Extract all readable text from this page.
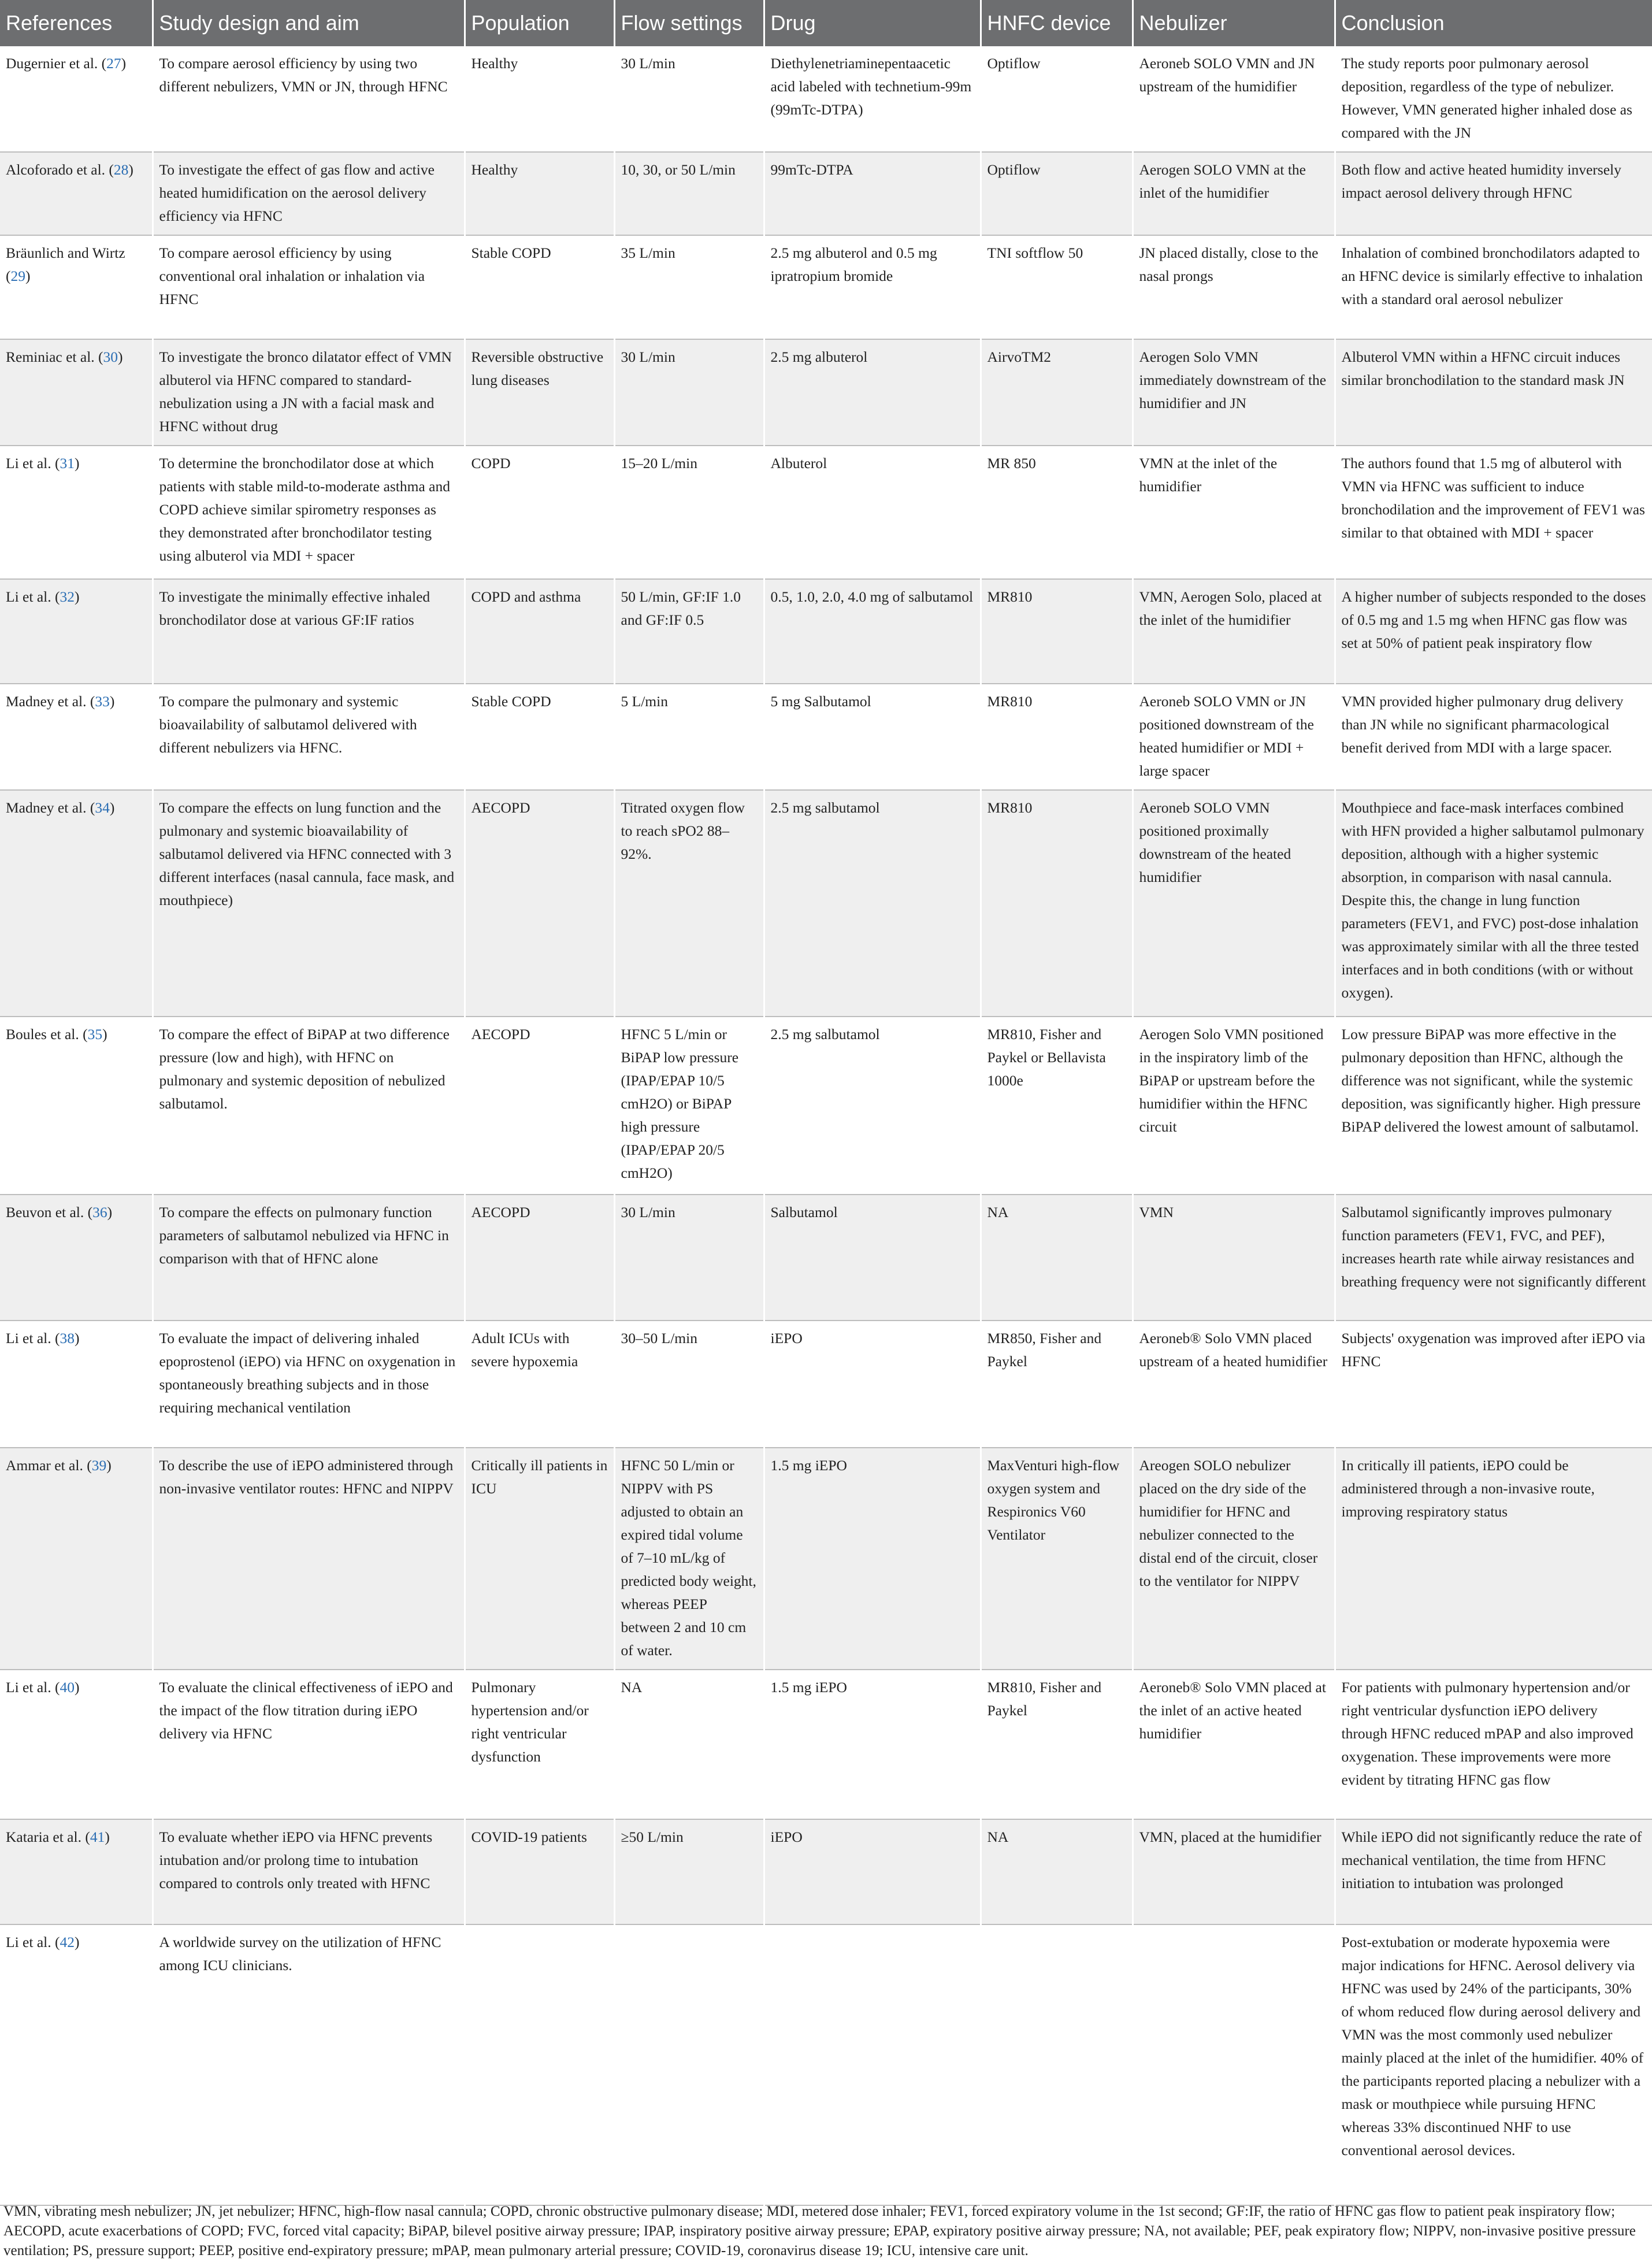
References	Study design and aim	Population	Flow settings	Drug	HNFC device	Nebulizer	Conclusion
Dugernier et al. (27)	To compare aerosol efficiency by using two different nebulizers, VMN or JN, through HFNC	Healthy	30 L/min	Diethylenetriaminepentaacetic acid labeled with technetium-99m (99mTc-DTPA)	Optiflow	Aeroneb SOLO VMN and JN upstream of the humidifier	The study reports poor pulmonary aerosol deposition, regardless of the type of nebulizer. However, VMN generated higher inhaled dose as compared with the JN
Alcoforado et al. (28)	To investigate the effect of gas flow and active heated humidification on the aerosol delivery efficiency via HFNC	Healthy	10, 30, or 50 L/min	99mTc-DTPA	Optiflow	Aerogen SOLO VMN at the inlet of the humidifier	Both flow and active heated humidity inversely impact aerosol delivery through HFNC
Bräunlich and Wirtz (29)	To compare aerosol efficiency by using conventional oral inhalation or inhalation via HFNC	Stable COPD	35 L/min	2.5 mg albuterol and 0.5 mg ipratropium bromide	TNI softflow 50	JN placed distally, close to the nasal prongs	Inhalation of combined bronchodilators adapted to an HFNC device is similarly effective to inhalation with a standard oral aerosol nebulizer
Reminiac et al. (30)	To investigate the bronco dilatator effect of VMN albuterol via HFNC compared to standard-nebulization using a JN with a facial mask and HFNC without drug	Reversible obstructive lung diseases	30 L/min	2.5 mg albuterol	AirvoTM2	Aerogen Solo VMN immediately downstream of the humidifier and JN	Albuterol VMN within a HFNC circuit induces similar bronchodilation to the standard mask JN
Li et al. (31)	To determine the bronchodilator dose at which patients with stable mild-to-moderate asthma and COPD achieve similar spirometry responses as they demonstrated after bronchodilator testing using albuterol via MDI + spacer	COPD	15–20 L/min	Albuterol	MR 850	VMN at the inlet of the humidifier	The authors found that 1.5 mg of albuterol with VMN via HFNC was sufficient to induce bronchodilation and the improvement of FEV1 was similar to that obtained with MDI + spacer
Li et al. (32)	To investigate the minimally effective inhaled bronchodilator dose at various GF:IF ratios	COPD and asthma	50 L/min, GF:IF 1.0 and GF:IF 0.5	0.5, 1.0, 2.0, 4.0 mg of salbutamol	MR810	VMN, Aerogen Solo, placed at the inlet of the humidifier	A higher number of subjects responded to the doses of 0.5 mg and 1.5 mg when HFNC gas flow was set at 50% of patient peak inspiratory flow
Madney et al. (33)	To compare the pulmonary and systemic bioavailability of salbutamol delivered with different nebulizers via HFNC.	Stable COPD	5 L/min	5 mg Salbutamol	MR810	Aeroneb SOLO VMN or JN positioned downstream of the heated humidifier or MDI + large spacer	VMN provided higher pulmonary drug delivery than JN while no significant pharmacological benefit derived from MDI with a large spacer.
Madney et al. (34)	To compare the effects on lung function and the pulmonary and systemic bioavailability of salbutamol delivered via HFNC connected with 3 different interfaces (nasal cannula, face mask, and mouthpiece)	AECOPD	Titrated oxygen flow to reach sPO2 88–92%.	2.5 mg salbutamol	MR810	Aeroneb SOLO VMN positioned proximally downstream of the heated humidifier	Mouthpiece and face-mask interfaces combined with HFN provided a higher salbutamol pulmonary deposition, although with a higher systemic absorption, in comparison with nasal cannula. Despite this, the change in lung function parameters (FEV1, and FVC) post-dose inhalation was approximately similar with all the three tested interfaces and in both conditions (with or without oxygen).
Boules et al. (35)	To compare the effect of BiPAP at two difference pressure (low and high), with HFNC on pulmonary and systemic deposition of nebulized salbutamol.	AECOPD	HFNC 5 L/min or BiPAP low pressure (IPAP/EPAP 10/5 cmH2O) or BiPAP high pressure (IPAP/EPAP 20/5 cmH2O)	2.5 mg salbutamol	MR810, Fisher and Paykel or Bellavista 1000e	Aerogen Solo VMN positioned in the inspiratory limb of the BiPAP or upstream before the humidifier within the HFNC circuit	Low pressure BiPAP was more effective in the pulmonary deposition than HFNC, although the difference was not significant, while the systemic deposition, was significantly higher. High pressure BiPAP delivered the lowest amount of salbutamol.
Beuvon et al. (36)	To compare the effects on pulmonary function parameters of salbutamol nebulized via HFNC in comparison with that of HFNC alone	AECOPD	30 L/min	Salbutamol	NA	VMN	Salbutamol significantly improves pulmonary function parameters (FEV1, FVC, and PEF), increases hearth rate while airway resistances and breathing frequency were not significantly different
Li et al. (38)	To evaluate the impact of delivering inhaled epoprostenol (iEPO) via HFNC on oxygenation in spontaneously breathing subjects and in those requiring mechanical ventilation	Adult ICUs with severe hypoxemia	30–50 L/min	iEPO	MR850, Fisher and Paykel	Aeroneb® Solo VMN placed upstream of a heated humidifier	Subjects' oxygenation was improved after iEPO via HFNC
Ammar et al. (39)	To describe the use of iEPO administered through non-invasive ventilator routes: HFNC and NIPPV	Critically ill patients in ICU	HFNC 50 L/min or NIPPV with PS adjusted to obtain an expired tidal volume of 7–10 mL/kg of predicted body weight, whereas PEEP between 2 and 10 cm of water.	1.5 mg iEPO	MaxVenturi high-flow oxygen system and Respironics V60 Ventilator	Areogen SOLO nebulizer placed on the dry side of the humidifier for HFNC and nebulizer connected to the distal end of the circuit, closer to the ventilator for NIPPV	In critically ill patients, iEPO could be administered through a non-invasive route, improving respiratory status
Li et al. (40)	To evaluate the clinical effectiveness of iEPO and the impact of the flow titration during iEPO delivery via HFNC	Pulmonary hypertension and/or right ventricular dysfunction	NA	1.5 mg iEPO	MR810, Fisher and Paykel	Aeroneb® Solo VMN placed at the inlet of an active heated humidifier	For patients with pulmonary hypertension and/or right ventricular dysfunction iEPO delivery through HFNC reduced mPAP and also improved oxygenation. These improvements were more evident by titrating HFNC gas flow
Kataria et al. (41)	To evaluate whether iEPO via HFNC prevents intubation and/or prolong time to intubation compared to controls only treated with HFNC	COVID-19 patients	≥50 L/min	iEPO	NA	VMN, placed at the humidifier	While iEPO did not significantly reduce the rate of mechanical ventilation, the time from HFNC initiation to intubation was prolonged
Li et al. (42)	A worldwide survey on the utilization of HFNC among ICU clinicians.						Post-extubation or moderate hypoxemia were major indications for HFNC. Aerosol delivery via HFNC was used by 24% of the participants, 30% of whom reduced flow during aerosol delivery and VMN was the most commonly used nebulizer mainly placed at the inlet of the humidifier. 40% of the participants reported placing a nebulizer with a mask or mouthpiece while pursuing HFNC whereas 33% discontinued NHF to use conventional aerosol devices.
VMN, vibrating mesh nebulizer; JN, jet nebulizer; HFNC, high-flow nasal cannula; COPD, chronic obstructive pulmonary disease; MDI, metered dose inhaler; FEV1, forced expiratory volume in the 1st second; GF:IF, the ratio of HFNC gas flow to patient peak inspiratory flow; AECOPD, acute exacerbations of COPD; FVC, forced vital capacity; BiPAP, bilevel positive airway pressure; IPAP, inspiratory positive airway pressure; EPAP, expiratory positive airway pressure; NA, not available; PEF, peak expiratory flow; NIPPV, non-invasive positive pressure ventilation; PS, pressure support; PEEP, positive end-expiratory pressure; mPAP, mean pulmonary arterial pressure; COVID-19, coronavirus disease 19; ICU, intensive care unit.
